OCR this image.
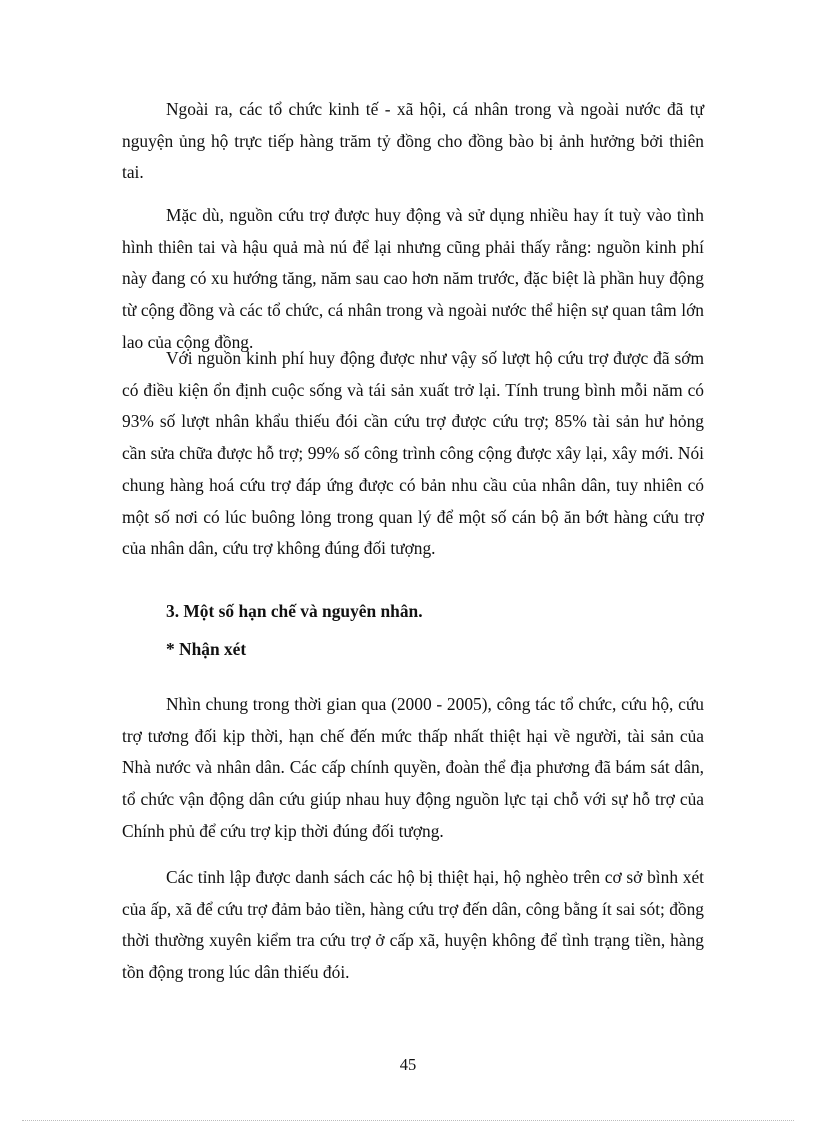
Ngoài ra, các tổ chức kinh tế - xã hội, cá nhân trong và ngoài nước đã tự nguyện ủng hộ trực tiếp hàng trăm tỷ đồng cho đồng bào bị ảnh hưởng bởi thiên tai.

Mặc dù, nguồn cứu trợ được huy động và sử dụng nhiều hay ít tuỳ vào tình hình thiên tai và hậu quả mà nú để lại nhưng cũng phải thấy rằng: nguồn kinh phí này đang có xu hướng tăng, năm sau cao hơn năm trước, đặc biệt là phần huy động từ cộng đồng và các tổ chức, cá nhân trong và ngoài nước thể hiện sự quan tâm lớn lao của cộng đồng.

Với nguồn kinh phí huy động được như vậy số lượt hộ cứu trợ được đã sớm có điều kiện ổn định cuộc sống và tái sản xuất trở lại. Tính trung bình mỗi năm có 93% số lượt nhân khẩu thiếu đói cần cứu trợ được cứu trợ; 85% tài sản hư hỏng cần sửa chữa được hỗ trợ; 99% số công trình công cộng được xây lại, xây mới. Nói chung hàng hoá cứu trợ đáp ứng được có bản nhu cầu của nhân dân, tuy nhiên có một số nơi có lúc buông lỏng trong quan lý để một số cán bộ ăn bớt hàng cứu trợ của nhân dân, cứu trợ không đúng đối tượng.

3. Một số hạn chế và nguyên nhân.

* Nhận xét

Nhìn chung trong thời gian qua (2000 - 2005), công tác tổ chức, cứu hộ, cứu trợ tương đối kịp thời, hạn chế đến mức thấp nhất thiệt hại về người, tài sản của Nhà nước và nhân dân. Các cấp chính quyền, đoàn thể địa phương đã bám sát dân, tổ chức vận động dân cứu giúp nhau huy động nguồn lực tại chỗ với sự hỗ trợ của Chính phủ để cứu trợ kịp thời đúng đối tượng.

Các tỉnh lập được danh sách các hộ bị thiệt hại, hộ nghèo trên cơ sở bình xét của ấp, xã để cứu trợ đảm bảo tiền, hàng cứu trợ đến dân, công bằng ít sai sót; đồng thời thường xuyên kiểm tra cứu trợ ở cấp xã, huyện không để tình trạng tiền, hàng tồn động trong lúc dân thiếu đói.

45
